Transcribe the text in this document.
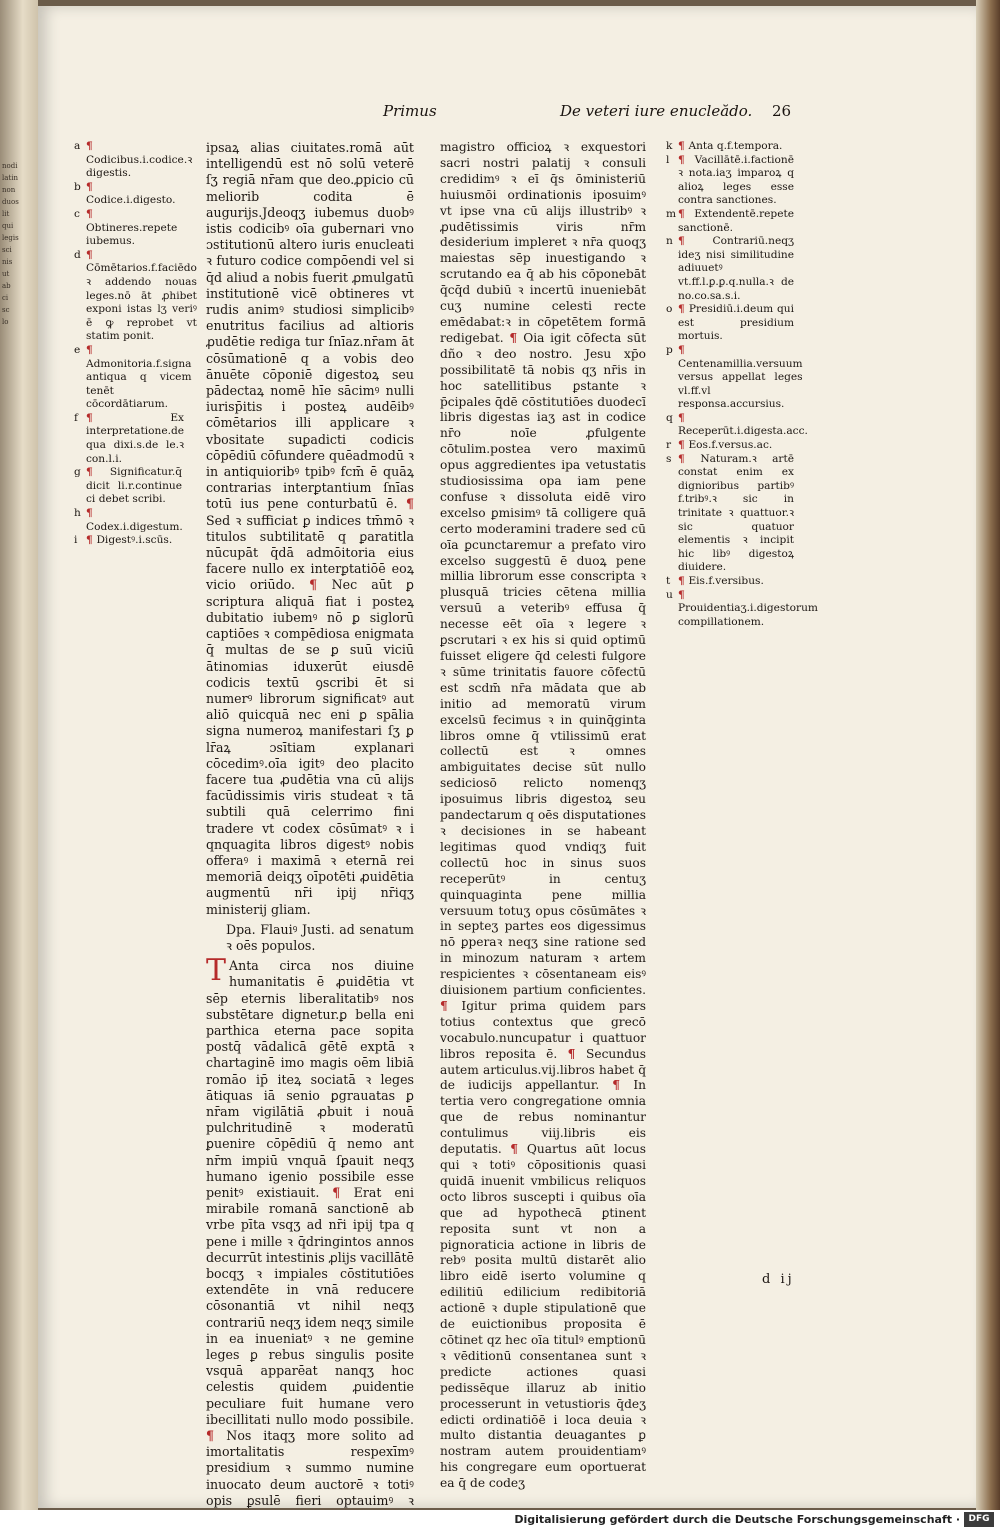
nodi
latin
non
duos
lit
qui
legis
sci
nis
ut
ab
ci
sc
lo
Primus	De veteri iure enucleădo. 26
a ¶ Codicibus.i.codice.ꝛ digestis.
b ¶ Codice.i.digesto.
c ¶ Obtineres.repete iubemus.
d ¶ Cōmētarios.f.faciēdo ꝛ addendo nouas leges.nō āt ꝓhibet exponi istas lʒ veriꝰ ē ꝙ reprobet vt statim ponit.
e ¶ Admonitoria.f.signa antiqua q vicem tenēt cōcordātiarum.
f ¶ Ex interpretatione.de qua dixi.s.de le.ꝛ con.l.i.
g ¶ Significatur.q̄ dicit li.r.continue ci debet scribi.
h ¶ Codex.i.digestum.
i ¶ Digestꝰ.i.scūs.

ipsaꝝ alias ciuitates.romā aūt intelligendū est nō solū veterē ſʒ regiā nr̄am que deo.ꝓpicio cū meliorib codita ē augurijs.Jdeoqʒ iubemus duobꝰ istis codicibꝰ oīa gubernari vno ɔstitutionū altero iuris enucleati ꝛ futuro codice compōendi vel si q̄d aliud a nobis fuerit ꝓmulgatū institutionē vicē obtineres vt rudis animꝰ studiosi simplicibꝰ enutritus facilius ad altioris ꝓudētie rediga tur ſnīaz.nr̄am āt cōsūmationē q a vobis deo ānuēte cōponiē digestoꝝ seu pādectaꝝ nomē hīe sācimꝰ nulli iurisp̄itis i posteꝝ audēibꝰ cōmētarios illi applicare ꝛ vbositate suꝑadicti codicis cōpēdiū cōfundere quēadmodū ꝛ in antiquioribꝰ tpibꝰ fcm̄ ē quāꝝ contrarias interꝑtantium ſnīas totū ius pene conturbatū ē. ¶ Sed ꝛ sufficiat ꝑ indices tm̄mō ꝛ titulos subtilitatē q ꝑaratitla nūcupāt q̄dā admōitoria eius facere nullo ex interꝑtatiōē eoꝝ vicio oriūdo. ¶ Nec aūt ꝑ scriptura aliquā fiat i posteꝝ dubitatio iubemꝰ nō ꝑ siglorū captiōes ꝛ compēdiosa enigmata q̄ multas de se ꝑ suū viciū ātinomias iduxerūt eiusdē codicis textū ꝯscribi ēt si numerꝰ librorum significatꝰ aut aliō quicquā nec eni ꝑ spālia signa numeroꝝ manifestari ſʒ ꝑ lr̄aꝝ ɔsītiam explanari cōcedimꝰ.oīa igitꝰ deo placito facere tua ꝓudētia vna cū alijs facūdissimis viris studeat ꝛ tā subtili quā celerrimo fini tradere vt codex cōsūmatꝰ ꝛ i qnquagita libros digestꝰ nobis offeraꝰ i maximā ꝛ eternā rei memoriā deiqʒ oīpotēti ꝓuidētia augmentū nr̄i ipij nr̄iqʒ ministerij gliam.

Dpa. Flauiꝰ Justi. ad senatum ꝛ oēs populos.

T Anta circa nos diuine humanitatis ē ꝓuidētia vt sēp eternis liberalitatibꝰ nos substētare dignetur.ꝑ bella eni parthica eterna pace sopita postq̄ vādalicā gētē exptā ꝛ chartaginē imo magis oēm libiā romāo ip̄ iteꝝ sociatā ꝛ leges ātiquas iā senio ꝑgrauatas ꝑ nr̄am vigilātiā ꝓbuit i nouā pulchritudinē ꝛ moderatū ꝑuenire cōpēdiū q̄ nemo ant nr̄m impiū vnquā ſꝑauit neqʒ humano igenio possibile esse penitꝰ existiauit. ¶ Erat eni mirabile romanā sanctionē ab vrbe pīta vsqʒ ad nr̄i ipij tpa q pene i mille ꝛ q̄dringintos annos decurrūt intestinis ꝓlijs vacillātē bocqʒ ꝛ impiales cōstitutiōes extendēte in vnā reducere cōsonantiā vt nihil neqʒ contrariū neqʒ idem neqʒ simile in ea inueniatꝰ ꝛ ne gemine leges ꝑ rebus singulis posite vsquā apparēat nanqʒ hoc celestis quidem ꝓuidentie peculiare fuit humane vero ibecillitati nullo modo possibile. ¶ Nos itaqʒ more solito ad imortalitatis respexīmꝰ presidium ꝛ summo numine inuocato deum auctorē ꝛ totiꝰ opis ꝑsulē fieri optauimꝰ ꝛ

magistro officioꝝ ꝛ exquestori sacri nostri palatij ꝛ consuli credidimꝰ ꝛ eī q̄s ōministeriū huiusmōi ordinationis iposuimꝰ vt ipse vna cū alijs illustribꝰ ꝛ ꝓudētissimis viris nr̄m desiderium impleret ꝛ nr̄a quoqʒ maiestas sēp inuestigando ꝛ scrutando ea q̄ ab his cōponebāt q̄cq̄d dubiū ꝛ incertū inueniebāt cuʒ numine celesti recte emēdabat:ꝛ in cōpetētem formā redigebat. ¶ Oia igit cōfecta sūt dño ꝛ deo nostro. Jesu xp̄o possibilitatē tā nobis qʒ nr̄is in hoc satellitibus ꝑstante ꝛ p̄cipales q̄dē cōstitutiōes duodecī libris digestas iaʒ ast in codice nr̄o noīe ꝓfulgente cōtulim.postea vero maximū opus aggredientes ipa vetustatis studiosissima opa iam pene confuse ꝛ dissoluta eidē viro excelso ꝑmisimꝰ tā colligere quā certo moderamini tradere sed cū oīa ꝑcunctaremur a prefato viro excelso suggestū ē duoꝝ pene millia librorum esse conscripta ꝛ plusquā tricies cētena millia versuū a veteribꝰ effusa q̄ necesse eēt oīa ꝛ legere ꝛ ꝑscrutari ꝛ ex his si quid optimū fuisset eligere q̄d celesti fulgore ꝛ sūme trinitatis fauore cōfectū est scdm̄ nr̄a mādata que ab initio ad memoratū virum excelsū fecimus ꝛ in quinq̄ginta libros omne q̄ vtilissimū erat collectū est ꝛ omnes ambiguitates decise sūt nullo sediciosō relicto nomenqʒ iposuimus libris digestoꝝ seu pandectarum q oēs disputationes ꝛ decisiones in se habeant legitimas quod vndiqʒ fuit collectū hoc in sinus suos receperūtꝰ in centuʒ quinquaginta pene millia versuum totuʒ opus cōsūmātes ꝛ in septeʒ partes eos digessimus nō ꝑperaꝛ neqʒ sine ratione sed in minozum naturam ꝛ artem respicientes ꝛ cōsentaneam eisꝰ diuisionem partium conficientes. ¶ Igitur prima quidem pars totius contextus que grecō vocabulo.nuncupatur i quattuor libros reposita ē. ¶ Secundus autem articulus.vij.libros habet q̄ de iudicijs appellantur. ¶ In tertia vero congregatione omnia que de rebus nominantur contulimus viij.libris eis deputatis. ¶ Quartus aūt locus qui ꝛ totiꝰ cōpositionis quasi quidā inuenit vmbilicus reliquos octo libros suscepti i quibus oīa que ad hypothecā ꝑtinent reposita sunt vt non a pignoraticia actione in libris de rebꝰ posita multū distarēt alio libro eidē iserto volumine q edilitiū edilicium redibitoriā actionē ꝛ duple stipulationē que de euictionibus proposita ē cōtinet qz hec oīa titulꝰ emptionū ꝛ vēditionū consentanea sunt ꝛ predicte actiones quasi pedissēque illaruz ab initio processerunt in vetustioris q̄deʒ edicti ordinatiōē i loca deuia ꝛ multo distantia deuagantes ꝑ nostram autem prouidentiamꝰ his congregare eum oportuerat ea q̄ de codeʒ

k ¶ Anta q.f.tempora.
l ¶ Vacillātē.i.factionē ꝛ nota.iaʒ imparoꝝ q alioꝝ leges esse contra sanctiones.
m ¶ Extendentē.repete sanctionē.
n ¶ Contrariū.neqʒ ideʒ nisi similitudine adiuuetꝰ vt.ff.l.ꝑ.ꝑ.q.nulla.ꝛ de no.co.sa.s.i.
o ¶ Presidiū.i.deum qui est presidium mortuis.
p ¶ Centenamillia.versuum versus appellat leges vl.ff.vl responsa.accursius.
q ¶ Receperūt.i.digesta.acc.
r ¶ Eos.f.versus.ac.
s ¶ Naturam.ꝛ artē constat enim ex dignioribus partibꝰ f.tribꝰ.ꝛ sic in trinitate ꝛ quattuor.ꝛ sic quatuor elementis ꝛ incipit hic libꝰ digestoꝝ diuidere.
t ¶ Eis.f.versibus.
u ¶ Prouidentiaʒ.i.digestorum compillationem.
d ij
Digitalisierung gefördert durch die Deutsche Forschungsgemeinschaft · DFG
